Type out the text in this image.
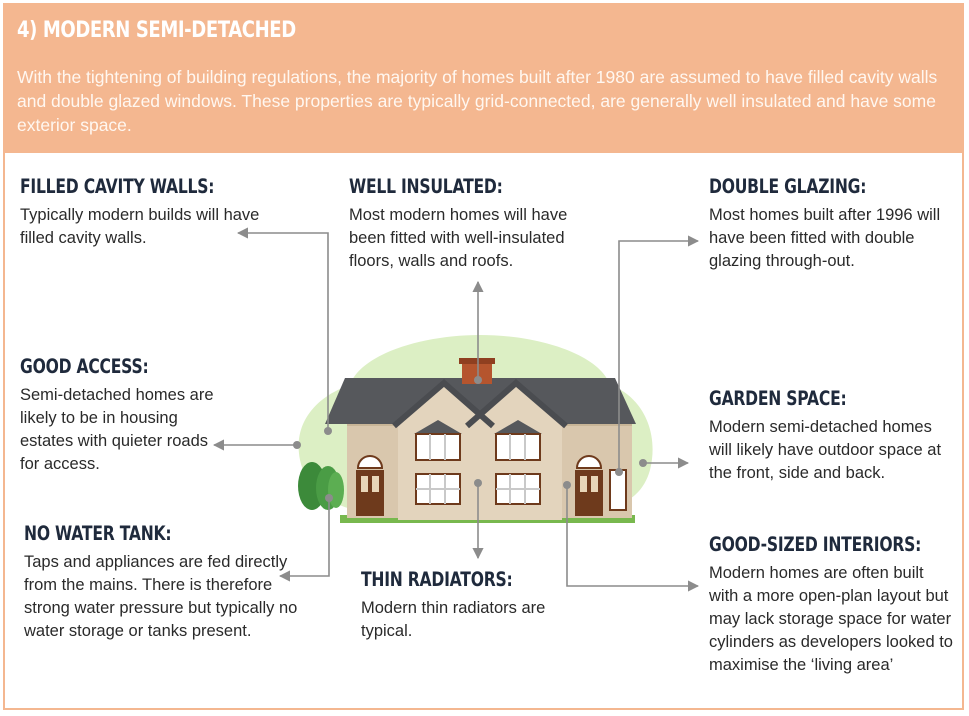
4) MODERN SEMI-DETACHED

With the tightening of building regulations, the majority of homes built after 1980 are assumed to have filled cavity walls and double glazed windows. These properties are typically grid-connected, are generally well insulated and have some exterior space.

FILLED CAVITY WALLS:

Typically modern builds will have filled cavity walls.

WELL INSULATED:

Most modern homes will have been fitted with well-insulated floors, walls and roofs.

DOUBLE GLAZING:

Most homes built after 1996 will have been fitted with double glazing through-out.

GOOD ACCESS:

Semi-detached homes are likely to be in housing estates with quieter roads for access.

GARDEN SPACE:

Modern semi-detached homes will likely have outdoor space at the front, side and back.

NO WATER TANK:

Taps and appliances are fed directly from the mains. There is therefore strong water pressure but typically no water storage or tanks present.

THIN RADIATORS:

Modern thin radiators are typical.

GOOD-SIZED INTERIORS:

Modern homes are often built with a more open-plan layout but may lack storage space for water cylinders as developers looked to maximise the ‘living area’
